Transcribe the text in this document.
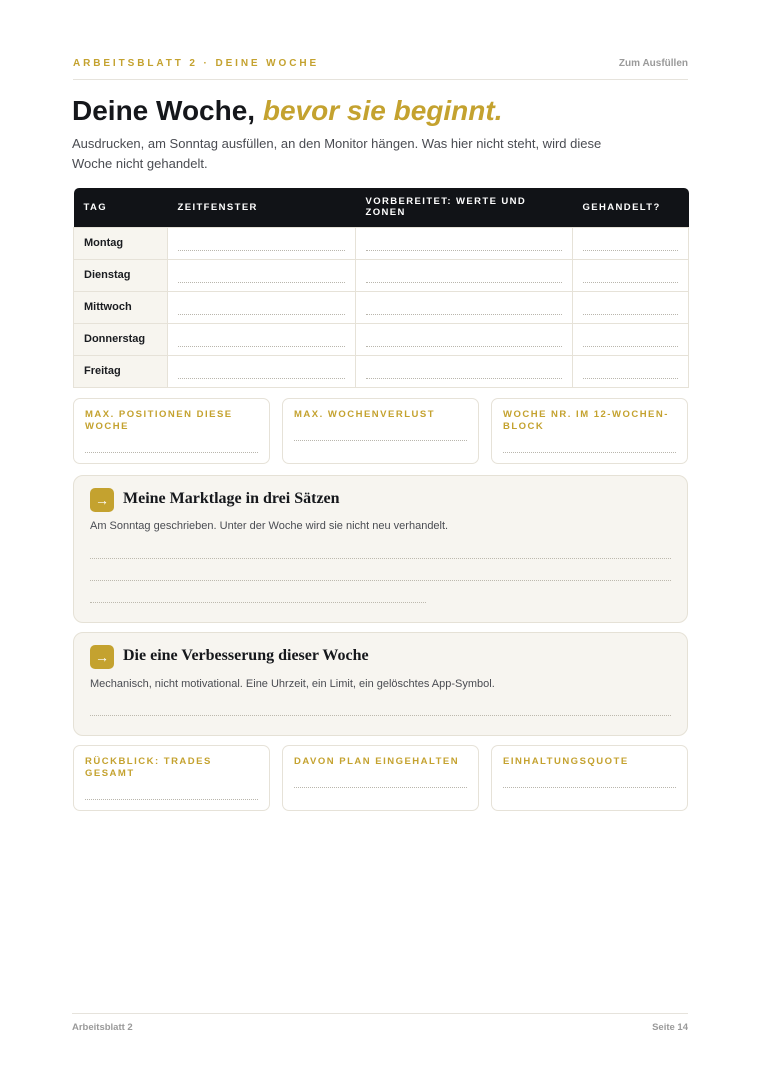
ARBEITSBLATT 2 · DEINE WOCHE	Zum Ausfüllen
Deine Woche, bevor sie beginnt.

Ausdrucken, am Sonntag ausfüllen, an den Monitor hängen. Was hier nicht steht, wird diese Woche nicht gehandelt.

TAG	ZEITFENSTER	VORBEREITET: WERTE UND ZONEN	GEHANDELT?
Montag	

Dienstag	

Mittwoch	

Donnerstag	

Freitag	

MAX. POSITIONEN DIESE WOCHE
MAX. WOCHENVERLUST	WOCHE NR. IM 12-WOCHEN-BLOCK
→ Meine Marktlage in drei Sätzen
Am Sonntag geschrieben. Unter der Woche wird sie nicht neu verhandelt.
→ Die eine Verbesserung dieser Woche
Mechanisch, nicht motivational. Eine Uhrzeit, ein Limit, ein gelöschtes App-Symbol.
RÜCKBLICK: TRADES GESAMT
DAVON PLAN EINGEHALTEN	EINHALTUNGSQUOTE
Arbeitsblatt 2	Seite 14
